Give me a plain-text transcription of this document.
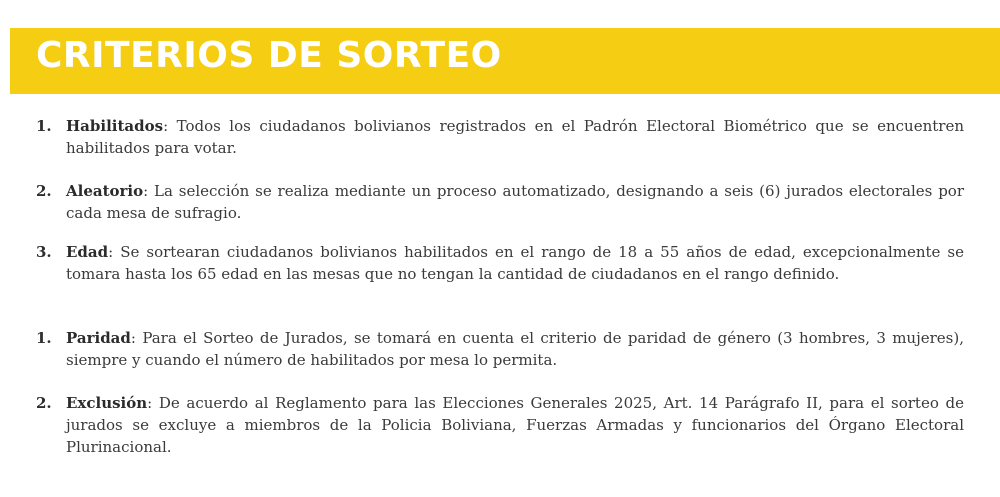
CRITERIOS DE SORTEO
1. Habilitados: Todos los ciudadanos bolivianos registrados en el Padrón Electoral Biométrico que se encuentren habilitados para votar.
2. Aleatorio: La selección se realiza mediante un proceso automatizado, designando a seis (6) jurados electorales por cada mesa de sufragio.
3. Edad: Se sortearan ciudadanos bolivianos habilitados en el rango de 18 a 55 años de edad, excepcionalmente se tomara hasta los 65 edad en las mesas que no tengan la cantidad de ciudadanos en el rango definido.
1. Paridad: Para el Sorteo de Jurados, se tomará en cuenta el criterio de paridad de género (3 hombres, 3 mujeres), siempre y cuando el número de habilitados por mesa lo permita.
2. Exclusión: De acuerdo al Reglamento para las Elecciones Generales 2025, Art. 14 Parágrafo II, para el sorteo de jurados se excluye a miembros de la Policia Boliviana, Fuerzas Armadas y funcionarios del Órgano Electoral Plurinacional.
